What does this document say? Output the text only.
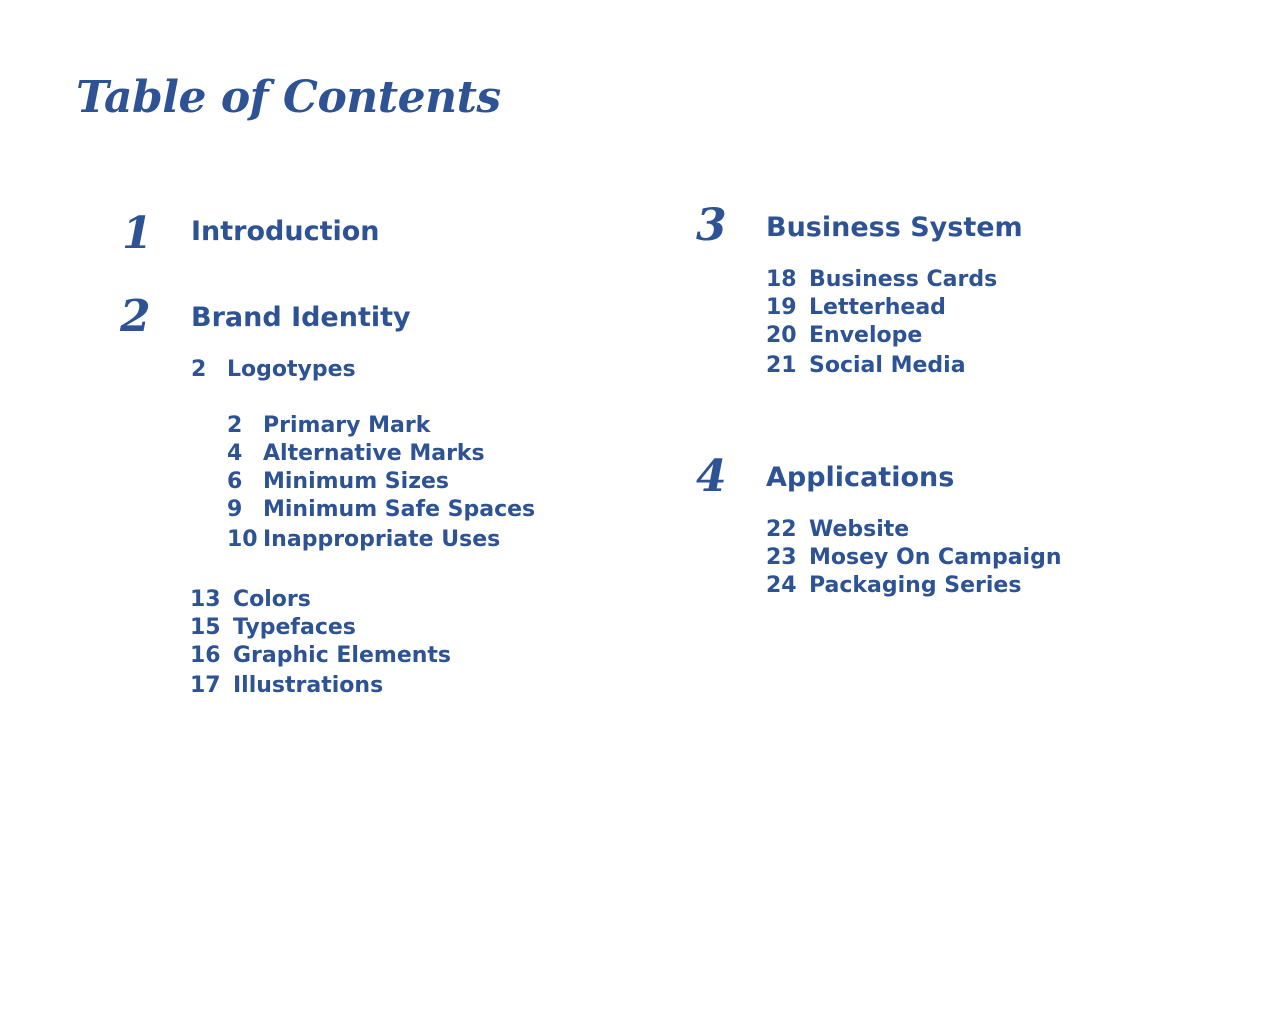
Table of Contents
1 Introduction
2 Brand Identity
2 Logotypes
2 Primary Mark
4 Alternative Marks
6 Minimum Sizes
9 Minimum Safe Spaces
10 Inappropriate Uses
13 Colors
15 Typefaces
16 Graphic Elements
17 Illustrations
3 Business System
18 Business Cards
19 Letterhead
20 Envelope
21 Social Media
4 Applications
22 Website
23 Mosey On Campaign
24 Packaging Series
